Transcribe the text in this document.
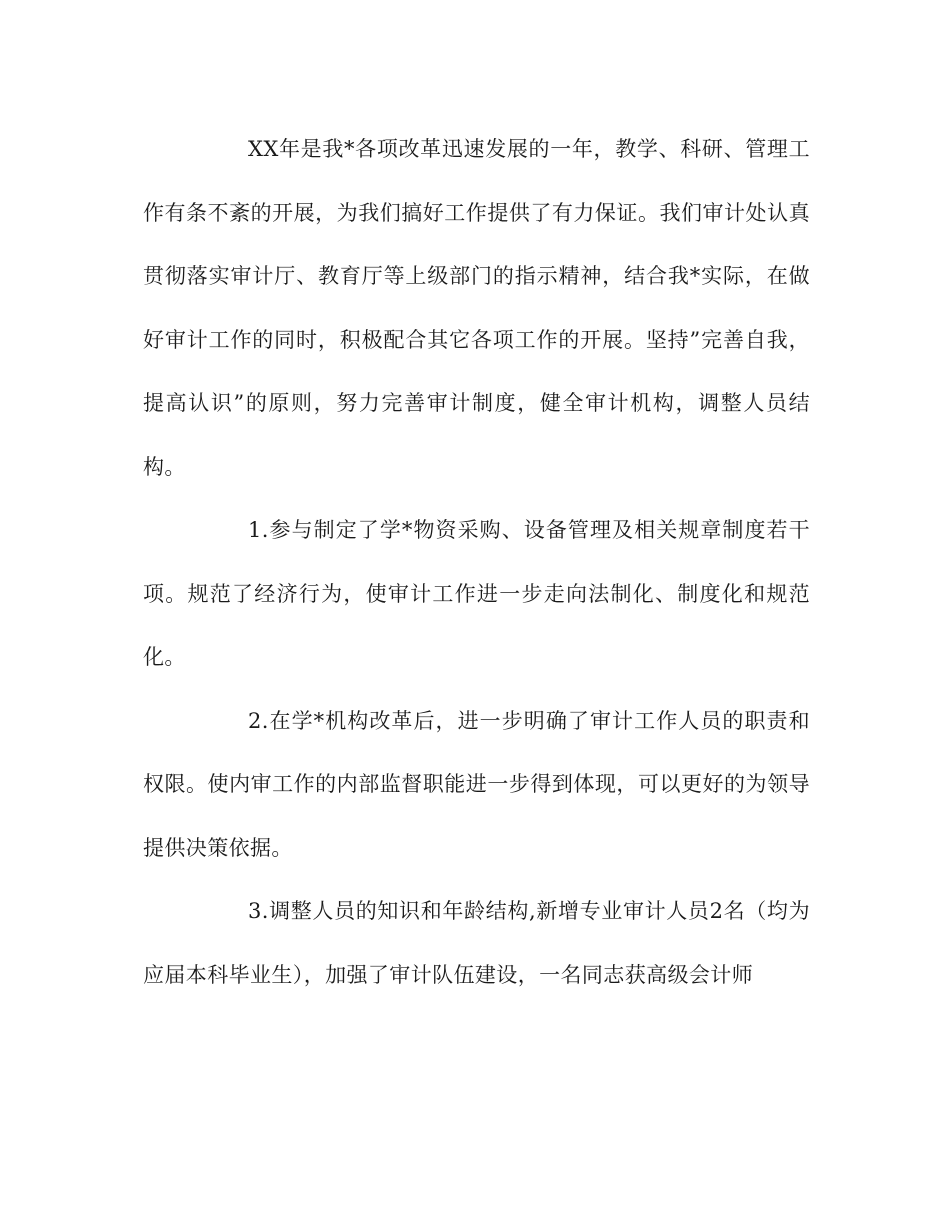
XX年是我*各项改革迅速发展的一年，教学、科研、管理工作有条不紊的开展，为我们搞好工作提供了有力保证。我们审计处认真贯彻落实审计厅、教育厅等上级部门的指示精神，结合我*实际，在做好审计工作的同时，积极配合其它各项工作的开展。坚持”完善自我，提高认识”的原则，努力完善审计制度，健全审计机构，调整人员结构。

1.参与制定了学*物资采购、设备管理及相关规章制度若干项。规范了经济行为，使审计工作进一步走向法制化、制度化和规范化。

2.在学*机构改革后，进一步明确了审计工作人员的职责和权限。使内审工作的内部监督职能进一步得到体现，可以更好的为领导提供决策依据。

3.调整人员的知识和年龄结构,新增专业审计人员2名（均为应届本科毕业生），加强了审计队伍建设，一名同志获高级会计师
